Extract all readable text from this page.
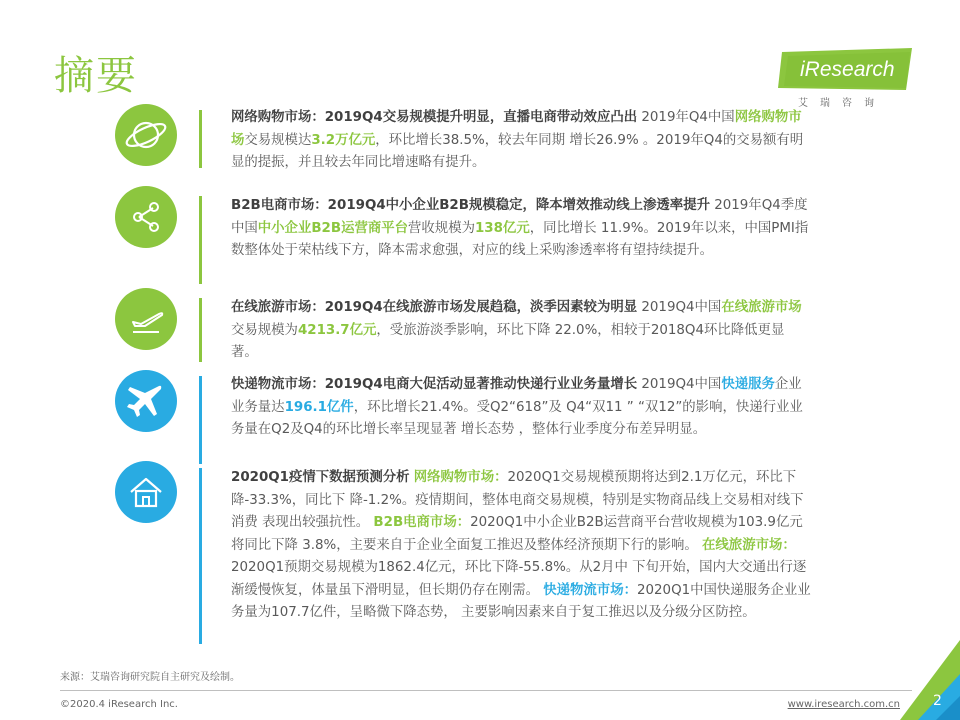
摘要	iResearch
艾瑞咨询
网络购物市场：2019Q4交易规模提升明显，直播电商带动效应凸出 2019年Q4中国网络购物市场交易规模达3.2万亿元，环比增长38.5%，较去年同期 增长26.9% 。2019年Q4的交易额有明显的提振，并且较去年同比增速略有提升。
B2B电商市场：2019Q4中小企业B2B规模稳定，降本增效推动线上渗透率提升 2019年Q4季度中国中小企业B2B运营商平台营收规模为138亿元，同比增长 11.9%。2019年以来，中国PMI指数整体处于荣枯线下方，降本需求愈强，对应的线上采购渗透率将有望持续提升。
在线旅游市场：2019Q4在线旅游市场发展趋稳，淡季因素较为明显 2019Q4中国在线旅游市场交易规模为4213.7亿元，受旅游淡季影响，环比下降 22.0%，相较于2018Q4环比降低更显著。
快递物流市场：2019Q4电商大促活动显著推动快递行业业务量增长 2019Q4中国快递服务企业业务量达196.1亿件，环比增长21.4%。受Q2“618”及 Q4“双11 ” “双12”的影响，快递行业业务量在Q2及Q4的环比增长率呈现显著 增长态势 ，整体行业季度分布差异明显。
2020Q1疫情下数据预测分析 网络购物市场：2020Q1交易规模预期将达到2.1万亿元，环比下降-33.3%，同比下 降-1.2%。疫情期间，整体电商交易规模，特别是实物商品线上交易相对线下消费 表现出较强抗性。 B2B电商市场：2020Q1中小企业B2B运营商平台营收规模为103.9亿元将同比下降 3.8%，主要来自于企业全面复工推迟及整体经济预期下行的影响。 在线旅游市场：2020Q1预期交易规模为1862.4亿元，环比下降-55.8%。从2月中 下旬开始，国内大交通出行逐渐缓慢恢复，体量虽下滑明显，但长期仍存在刚需。 快递物流市场：2020Q1中国快递服务企业业务量为107.7亿件，呈略微下降态势， 主要影响因素来自于复工推迟以及分级分区防控。
来源：艾瑞咨询研究院自主研究及绘制。
©2020.4 iResearch Inc.	www.iresearch.com.cn 2
